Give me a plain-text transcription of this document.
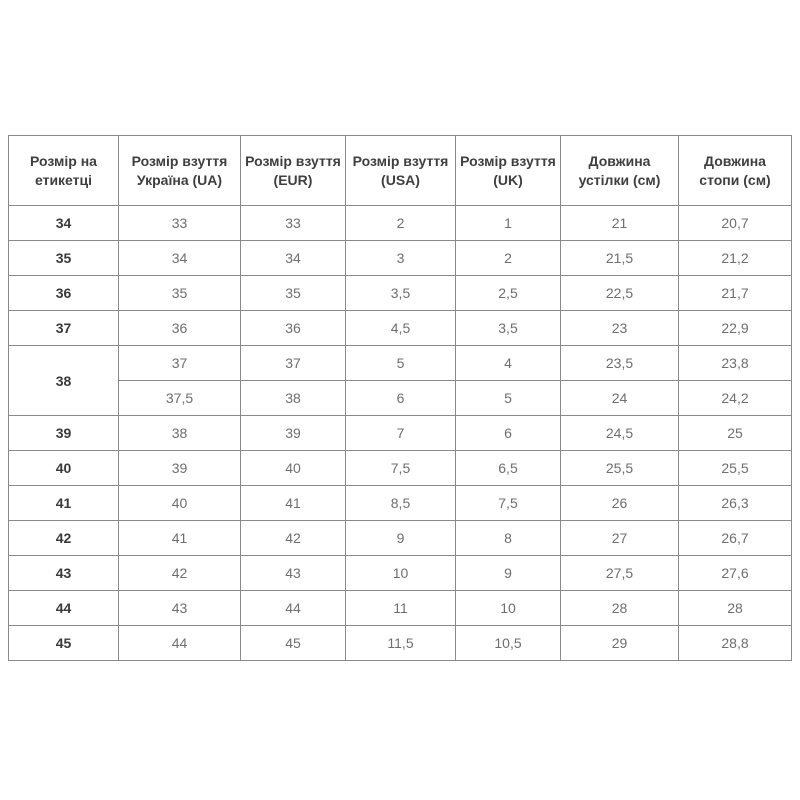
Розмір на етикетці	Розмір взуття Україна (UA)	Розмір взуття (EUR)	Розмір взуття (USA)	Розмір взуття (UK)	Довжина устілки (см)	Довжина стопи (см)
34	33	33	2	1	21	20,7
35	34	34	3	2	21,5	21,2
36	35	35	3,5	2,5	22,5	21,7
37	36	36	4,5	3,5	23	22,9
38	37	37	5	4	23,5	23,8
	37,5	38	6	5	24	24,2
39	38	39	7	6	24,5	25
40	39	40	7,5	6,5	25,5	25,5
41	40	41	8,5	7,5	26	26,3
42	41	42	9	8	27	26,7
43	42	43	10	9	27,5	27,6
44	43	44	11	10	28	28
45	44	45	11,5	10,5	29	28,8
